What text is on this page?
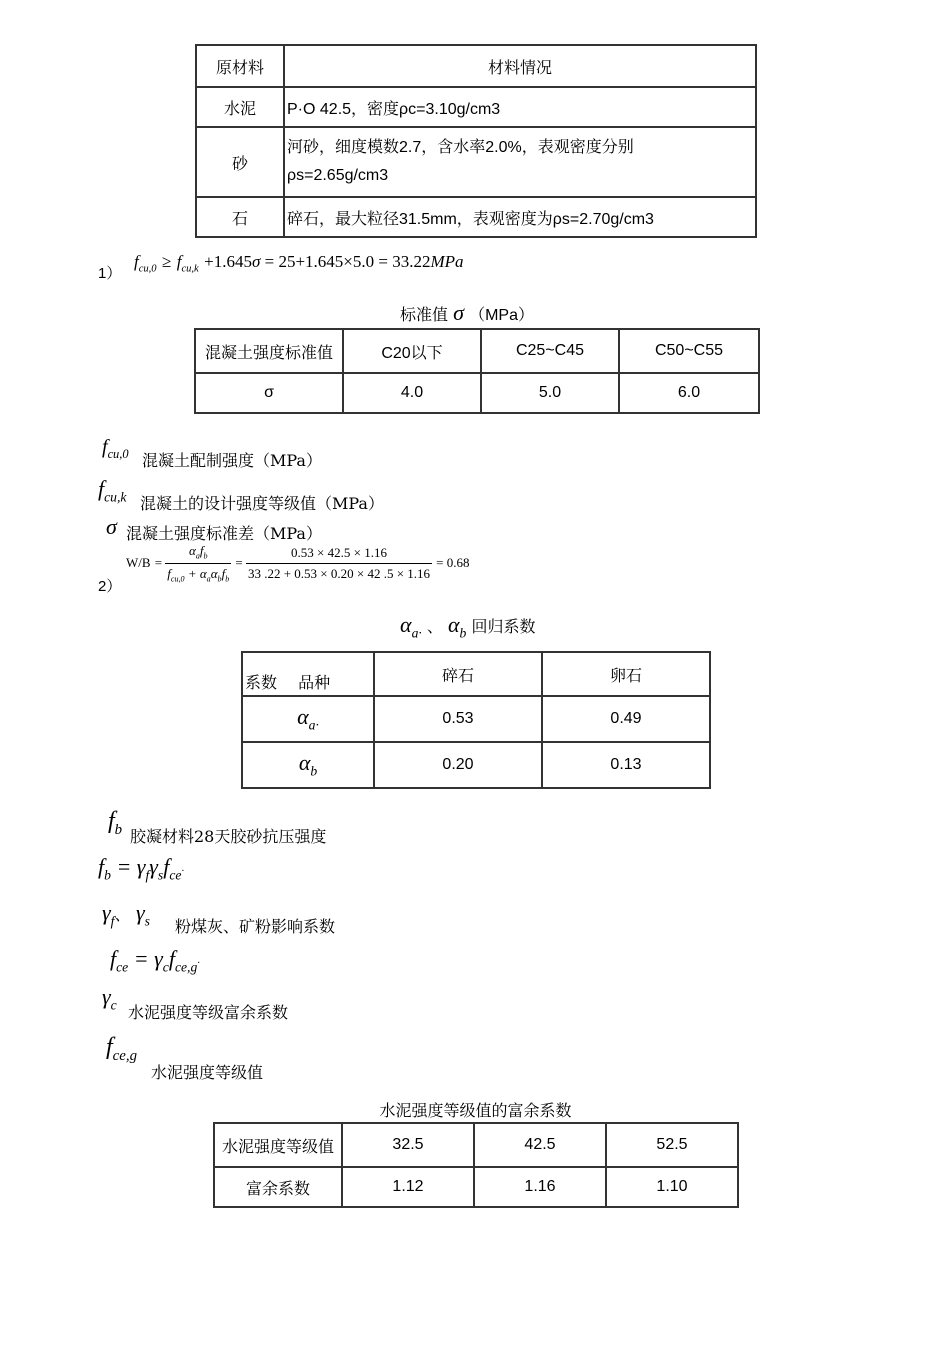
原材料	材料情况
水泥	P·O 42.5，密度ρc=3.10g/cm3
砂	河砂，细度模数2.7，含水率2.0%，表观密度分别
ρs=2.65g/cm3

石	碎石，最大粒径31.5mm，表观密度为ρs=2.70g/cm3
1）
$f_{cu,0} \ge f_{cu,k} +1.645\sigma = 25+1.645\times 5.0 = 33.22MPa$
标准值 σ （MPa）
混凝土强度标准值	C20以下	C25~C45	C50~C55
σ	4.0	5.0	6.0
$f_{cu,0}$ 混凝土配制强度（MPa）
$f_{cu,k}$ 混凝土的设计强度等级值（MPa）
σ 混凝土强度标准差（MPa）
2）
$W/B = \frac{\alpha_af_b}{f_{cu,0} + \alpha_a\alpha_bf_b} = \frac{0.53 \times 42.5 \times 1.16}{33 .22 + 0.53 \times 0.20 \times 42 .5 \times 1.16} = 0.68$
$\alpha_{a\cdot}$ 、 $\alpha_b$ 回归系数
系数　 品种	碎石	卵石
$\alpha_{a\cdot}$	0.53	0.49
$\alpha_b$	0.20	0.13
$f_b$ 胶凝材料28天胶砂抗压强度
$f_b = \gamma_f\gamma_sf_{ce}\cdot$
$\gamma_f$、 $\gamma_s$ 粉煤灰、矿粉影响系数
$f_{ce} = \gamma_cf_{ce,g}\cdot$
$\gamma_c$ 水泥强度等级富余系数
$f_{ce,g}$
水泥强度等级值
水泥强度等级值的富余系数
水泥强度等级值	32.5	42.5	52.5
富余系数	1.12	1.16	1.10
